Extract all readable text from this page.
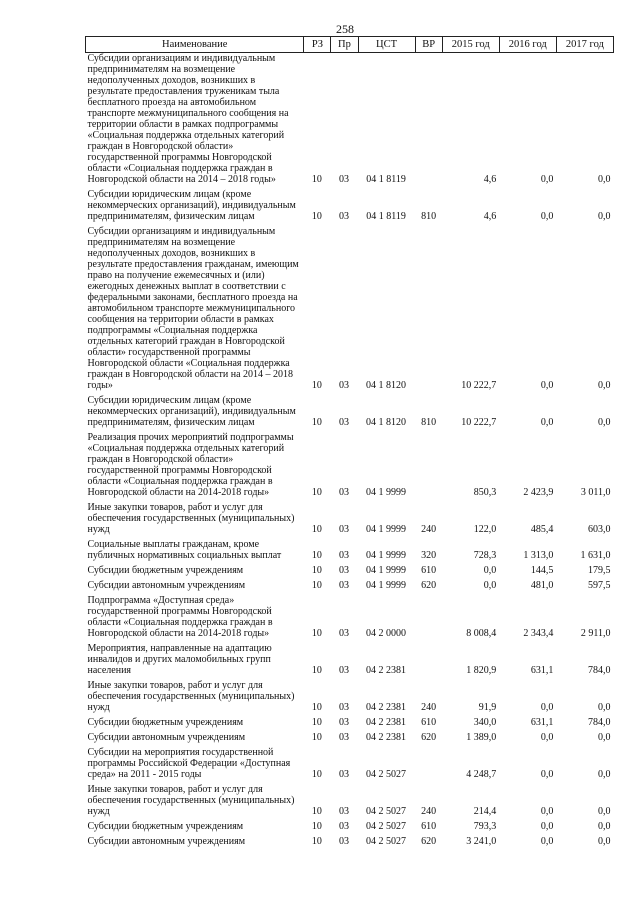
258
Наименование	РЗ	Пр	ЦСТ	ВР	2015 год	2016 год	2017 год
Субсидии организациям и индивидуальным предпринимателям на возмещение недополученных доходов, возникших в результате предоставления труженикам тыла бесплатного проезда на автомобильном транспорте межмуниципального сообщения на территории области в рамках подпрограммы «Социальная поддержка отдельных категорий граждан в Новгородской области» государственной программы Новгородской области «Социальная поддержка граждан в Новгородской области на 2014 – 2018 годы»	10	03	04 1 8119		4,6	0,0	0,0
Субсидии юридическим лицам (кроме некоммерческих организаций), индивидуальным предпринимателям, физическим лицам	10	03	04 1 8119	810	4,6	0,0	0,0
Субсидии организациям и индивидуальным предпринимателям на возмещение недополученных доходов, возникших в результате предоставления гражданам, имеющим право на получение ежемесячных и (или) ежегодных денежных выплат в соответствии с федеральными законами, бесплатного проезда на автомобильном транспорте межмуниципального сообщения на территории области в рамках подпрограммы «Социальная поддержка отдельных категорий граждан в Новгородской области» государственной программы Новгородской области «Социальная поддержка граждан в Новгородской области на 2014 – 2018 годы»	10	03	04 1 8120		10 222,7	0,0	0,0
Субсидии юридическим лицам (кроме некоммерческих организаций), индивидуальным предпринимателям, физическим лицам	10	03	04 1 8120	810	10 222,7	0,0	0,0
Реализация прочих мероприятий подпрограммы «Социальная поддержка отдельных категорий граждан в Новгородской области» государственной программы Новгородской области «Социальная поддержка граждан в Новгородской области на 2014-2018 годы»	10	03	04 1 9999		850,3	2 423,9	3 011,0
Иные закупки товаров, работ и услуг для обеспечения государственных (муниципальных) нужд	10	03	04 1 9999	240	122,0	485,4	603,0
Социальные выплаты гражданам, кроме публичных нормативных социальных выплат	10	03	04 1 9999	320	728,3	1 313,0	1 631,0
Субсидии бюджетным учреждениям	10	03	04 1 9999	610	0,0	144,5	179,5
Субсидии автономным учреждениям	10	03	04 1 9999	620	0,0	481,0	597,5
Подпрограмма «Доступная среда» государственной программы Новгородской области «Социальная поддержка граждан в Новгородской области на 2014-2018 годы»	10	03	04 2 0000		8 008,4	2 343,4	2 911,0
Мероприятия, направленные на адаптацию инвалидов и других маломобильных групп населения	10	03	04 2 2381		1 820,9	631,1	784,0
Иные закупки товаров, работ и услуг для обеспечения государственных (муниципальных) нужд	10	03	04 2 2381	240	91,9	0,0	0,0
Субсидии бюджетным учреждениям	10	03	04 2 2381	610	340,0	631,1	784,0
Субсидии автономным учреждениям	10	03	04 2 2381	620	1 389,0	0,0	0,0
Субсидии на мероприятия государственной программы Российской Федерации «Доступная среда» на 2011 - 2015 годы	10	03	04 2 5027		4 248,7	0,0	0,0
Иные закупки товаров, работ и услуг для обеспечения государственных (муниципальных) нужд	10	03	04 2 5027	240	214,4	0,0	0,0
Субсидии бюджетным учреждениям	10	03	04 2 5027	610	793,3	0,0	0,0
Субсидии автономным учреждениям	10	03	04 2 5027	620	3 241,0	0,0	0,0
